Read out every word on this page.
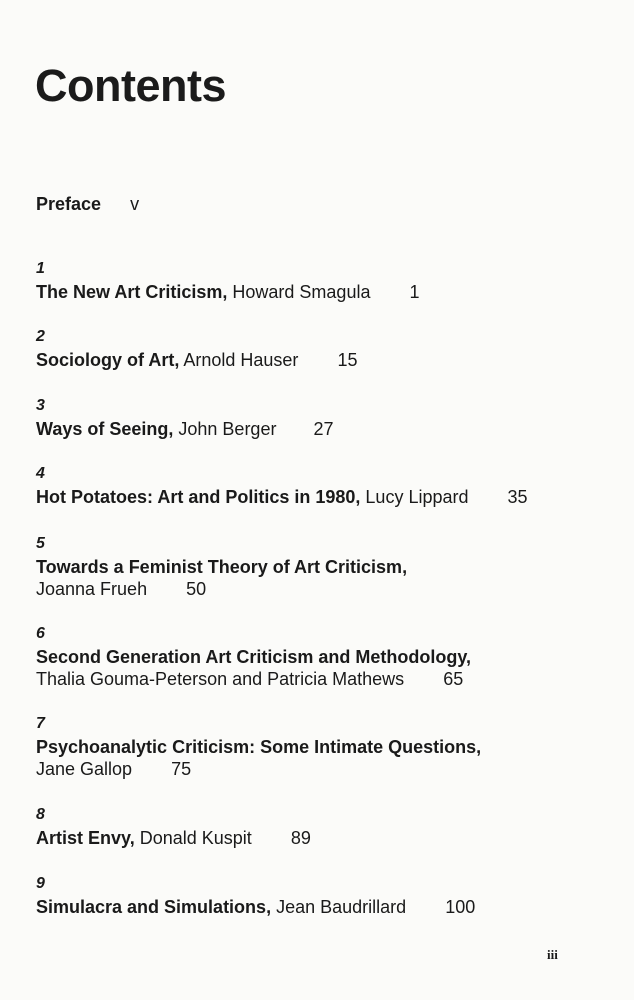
Contents
Preface v
1
The New Art Criticism, Howard Smagula 1
2
Sociology of Art, Arnold Hauser 15
3
Ways of Seeing, John Berger 27
4
Hot Potatoes: Art and Politics in 1980, Lucy Lippard 35
5
Towards a Feminist Theory of Art Criticism,
Joanna Frueh 50
6
Second Generation Art Criticism and Methodology,
Thalia Gouma-Peterson and Patricia Mathews 65
7
Psychoanalytic Criticism: Some Intimate Questions,
Jane Gallop 75
8
Artist Envy, Donald Kuspit 89
9
Simulacra and Simulations, Jean Baudrillard 100
iii
